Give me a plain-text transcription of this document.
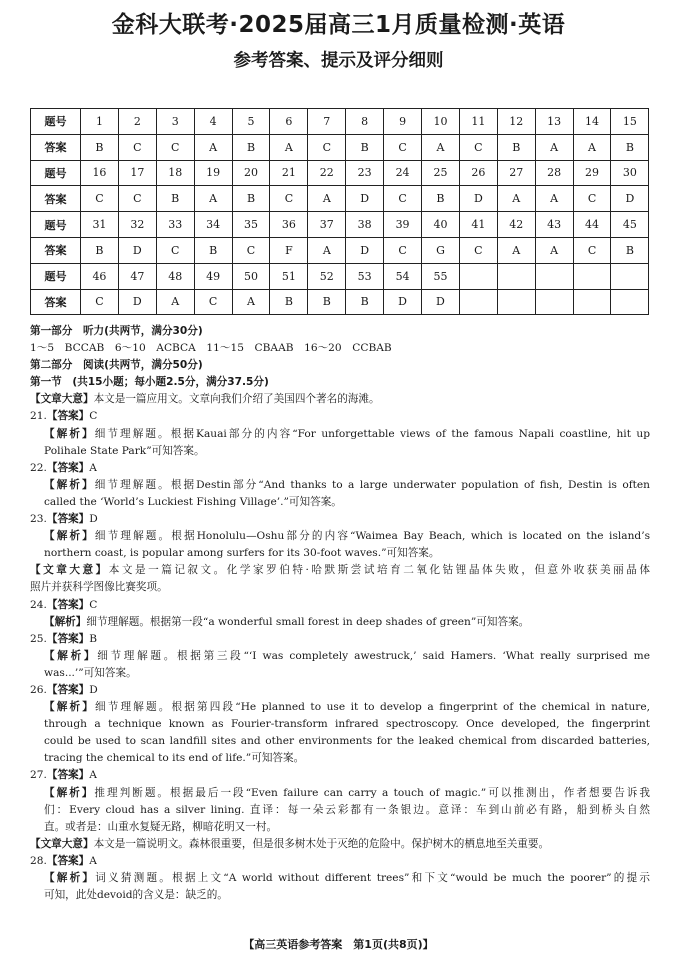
金科大联考·2025届高三1月质量检测·英语
参考答案、提示及评分细则
题号	1	2	3	4	5	6	7	8	9	10	11	12	13	14	15
答案	B	C	C	A	B	A	C	B	C	A	C	B	A	A	B
题号	16	17	18	19	20	21	22	23	24	25	26	27	28	29	30
答案	C	C	B	A	B	C	A	D	C	B	D	A	A	C	D
题号	31	32	33	34	35	36	37	38	39	40	41	42	43	44	45
答案	B	D	C	B	C	F	A	D	C	G	C	A	A	C	B
题号	46	47	48	49	50	51	52	53	54	55					
答案	C	D	A	C	A	B	B	B	D	D					
第一部分　听力(共两节，满分30分)
1～5　BCCAB　6～10　ACBCA　11～15　CBAAB　16～20　CCBAB
第二部分　阅读(共两节，满分50分)
第一节　(共15小题；每小题2.5分，满分37.5分)
【文章大意】本文是一篇应用文。文章向我们介绍了美国四个著名的海滩。
21.【答案】C
【解析】细节理解题。根据Kauai部分的内容“For unforgettable views of the famous Napali coastline, hit up
Polihale State Park”可知答案。
22.【答案】A
【解析】细节理解题。根据Destin部分“And thanks to a large underwater population of fish, Destin is often
called the ‘World’s Luckiest Fishing Village’.”可知答案。
23.【答案】D
【解析】细节理解题。根据Honolulu—Oshu部分的内容“Waimea Bay Beach, which is located on the island’s
northern coast, is popular among surfers for its 30-foot waves.”可知答案。
【文章大意】本文是一篇记叙文。化学家罗伯特·哈默斯尝试培育二氧化钴锂晶体失败，但意外收获美丽晶体
照片并获科学图像比赛奖项。
24.【答案】C
【解析】细节理解题。根据第一段“a wonderful small forest in deep shades of green”可知答案。
25.【答案】B
【解析】细节理解题。根据第三段“‘I was completely awestruck,’ said Hamers. ‘What really surprised me
was...’”可知答案。
26.【答案】D
【解析】细节理解题。根据第四段“He planned to use it to develop a fingerprint of the chemical in nature,
through a technique known as Fourier-transform infrared spectroscopy. Once developed, the fingerprint
could be used to scan landfill sites and other environments for the leaked chemical from discarded batteries,
tracing the chemical to its end of life.”可知答案。
27.【答案】A
【解析】推理判断题。根据最后一段“Even failure can carry a touch of magic.”可以推测出，作者想要告诉我
们：Every cloud has a silver lining. 直译：每一朵云彩都有一条银边。意译：车到山前必有路，船到桥头自然
直。或者是：山重水复疑无路，柳暗花明又一村。
【文章大意】本文是一篇说明文。森林很重要，但是很多树木处于灭绝的危险中。保护树木的栖息地至关重要。
28.【答案】A
【解析】词义猜测题。根据上文“A world without different trees”和下文“would be much the poorer”的提示
可知，此处devoid的含义是：缺乏的。
【高三英语参考答案　第1页(共8页)】
